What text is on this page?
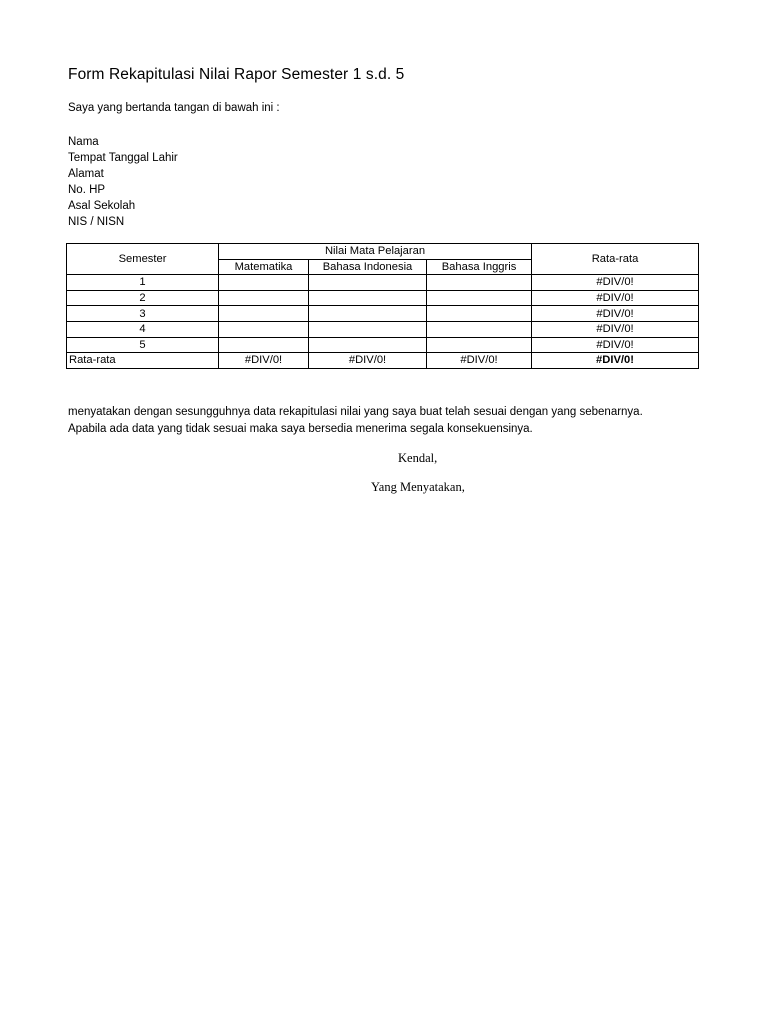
Form Rekapitulasi Nilai Rapor Semester 1 s.d. 5
Saya yang bertanda tangan di bawah ini :
Nama
Tempat Tanggal Lahir
Alamat
No. HP
Asal Sekolah
NIS / NISN
Semester	Nilai Mata Pelajaran			Rata-rata
	Matematika	Bahasa Indonesia	Bahasa Inggris	
1				#DIV/0!
2				#DIV/0!
3				#DIV/0!
4				#DIV/0!
5				#DIV/0!
Rata-rata	#DIV/0!	#DIV/0!	#DIV/0!	#DIV/0!
menyatakan dengan sesungguhnya data rekapitulasi nilai yang saya buat telah sesuai dengan yang sebenarnya.
Apabila ada data yang tidak sesuai maka saya bersedia menerima segala konsekuensinya.
Kendal,
Yang Menyatakan,
